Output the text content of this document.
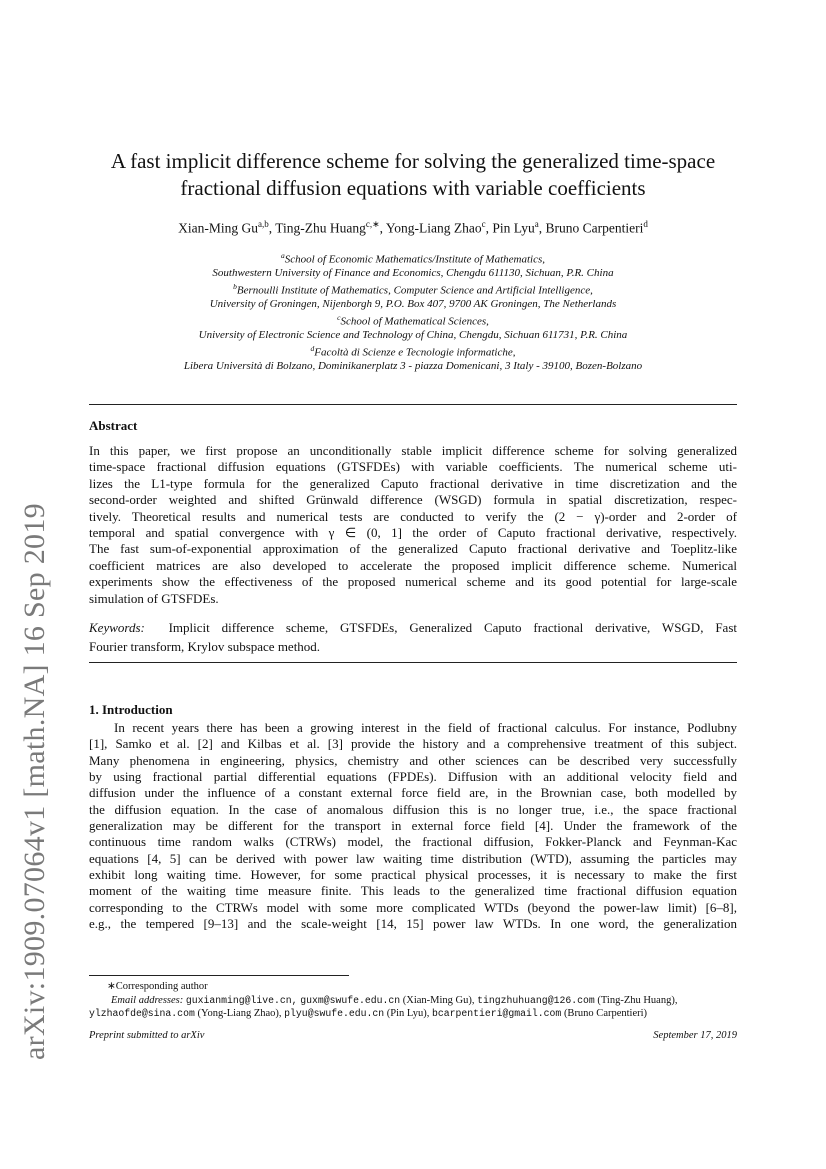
arXiv:1909.07064v1 [math.NA] 16 Sep 2019
A fast implicit difference scheme for solving the generalized time-space
fractional diffusion equations with variable coefficients
Xian-Ming Gu$^{a,b}$, Ting-Zhu Huang$^{c,∗}$, Yong-Liang Zhao$^c$, Pin Lyu$^a$, Bruno Carpentieri$^d$
$^a$School of Economic Mathematics/Institute of Mathematics,
Southwestern University of Finance and Economics, Chengdu 611130, Sichuan, P.R. China
$^b$Bernoulli Institute of Mathematics, Computer Science and Artificial Intelligence,
University of Groningen, Nijenborgh 9, P.O. Box 407, 9700 AK Groningen, The Netherlands
$^c$School of Mathematical Sciences,
University of Electronic Science and Technology of China, Chengdu, Sichuan 611731, P.R. China
$^d$Facoltà di Scienze e Tecnologie informatiche,
Libera Università di Bolzano, Dominikanerplatz 3 - piazza Domenicani, 3 Italy - 39100, Bozen-Bolzano
Abstract
In this paper, we first propose an unconditionally stable implicit difference scheme for solving generalized
time-space fractional diffusion equations (GTSFDEs) with variable coefficients. The numerical scheme uti-
lizes the L1-type formula for the generalized Caputo fractional derivative in time discretization and the
second-order weighted and shifted Grünwald difference (WSGD) formula in spatial discretization, respec-
tively. Theoretical results and numerical tests are conducted to verify the (2 − γ)-order and 2-order of
temporal and spatial convergence with γ ∈ (0, 1] the order of Caputo fractional derivative, respectively.
The fast sum-of-exponential approximation of the generalized Caputo fractional derivative and Toeplitz-like
coefficient matrices are also developed to accelerate the proposed implicit difference scheme. Numerical
experiments show the effectiveness of the proposed numerical scheme and its good potential for large-scale
simulation of GTSFDEs.
Keywords: Implicit difference scheme, GTSFDEs, Generalized Caputo fractional derivative, WSGD, Fast
Fourier transform, Krylov subspace method.
1. Introduction
In recent years there has been a growing interest in the field of fractional calculus. For instance, Podlubny
[1], Samko et al. [2] and Kilbas et al. [3] provide the history and a comprehensive treatment of this subject.
Many phenomena in engineering, physics, chemistry and other sciences can be described very successfully
by using fractional partial differential equations (FPDEs). Diffusion with an additional velocity field and
diffusion under the influence of a constant external force field are, in the Brownian case, both modelled by
the diffusion equation. In the case of anomalous diffusion this is no longer true, i.e., the space fractional
generalization may be different for the transport in external force field [4]. Under the framework of the
continuous time random walks (CTRWs) model, the fractional diffusion, Fokker-Planck and Feynman-Kac
equations [4, 5] can be derived with power law waiting time distribution (WTD), assuming the particles may
exhibit long waiting time. However, for some practical physical processes, it is necessary to make the first
moment of the waiting time measure finite. This leads to the generalized time fractional diffusion equation
corresponding to the CTRWs model with some more complicated WTDs (beyond the power-law limit) [6–8],
e.g., the tempered [9–13] and the scale-weight [14, 15] power law WTDs. In one word, the generalization
∗Corresponding author
Email addresses: guxianming@live.cn, guxm@swufe.edu.cn (Xian-Ming Gu), tingzhuhuang@126.com (Ting-Zhu Huang),
ylzhaofde@sina.com (Yong-Liang Zhao), plyu@swufe.edu.cn (Pin Lyu), bcarpentieri@gmail.com (Bruno Carpentieri)
Preprint submitted to arXiv	September 17, 2019
